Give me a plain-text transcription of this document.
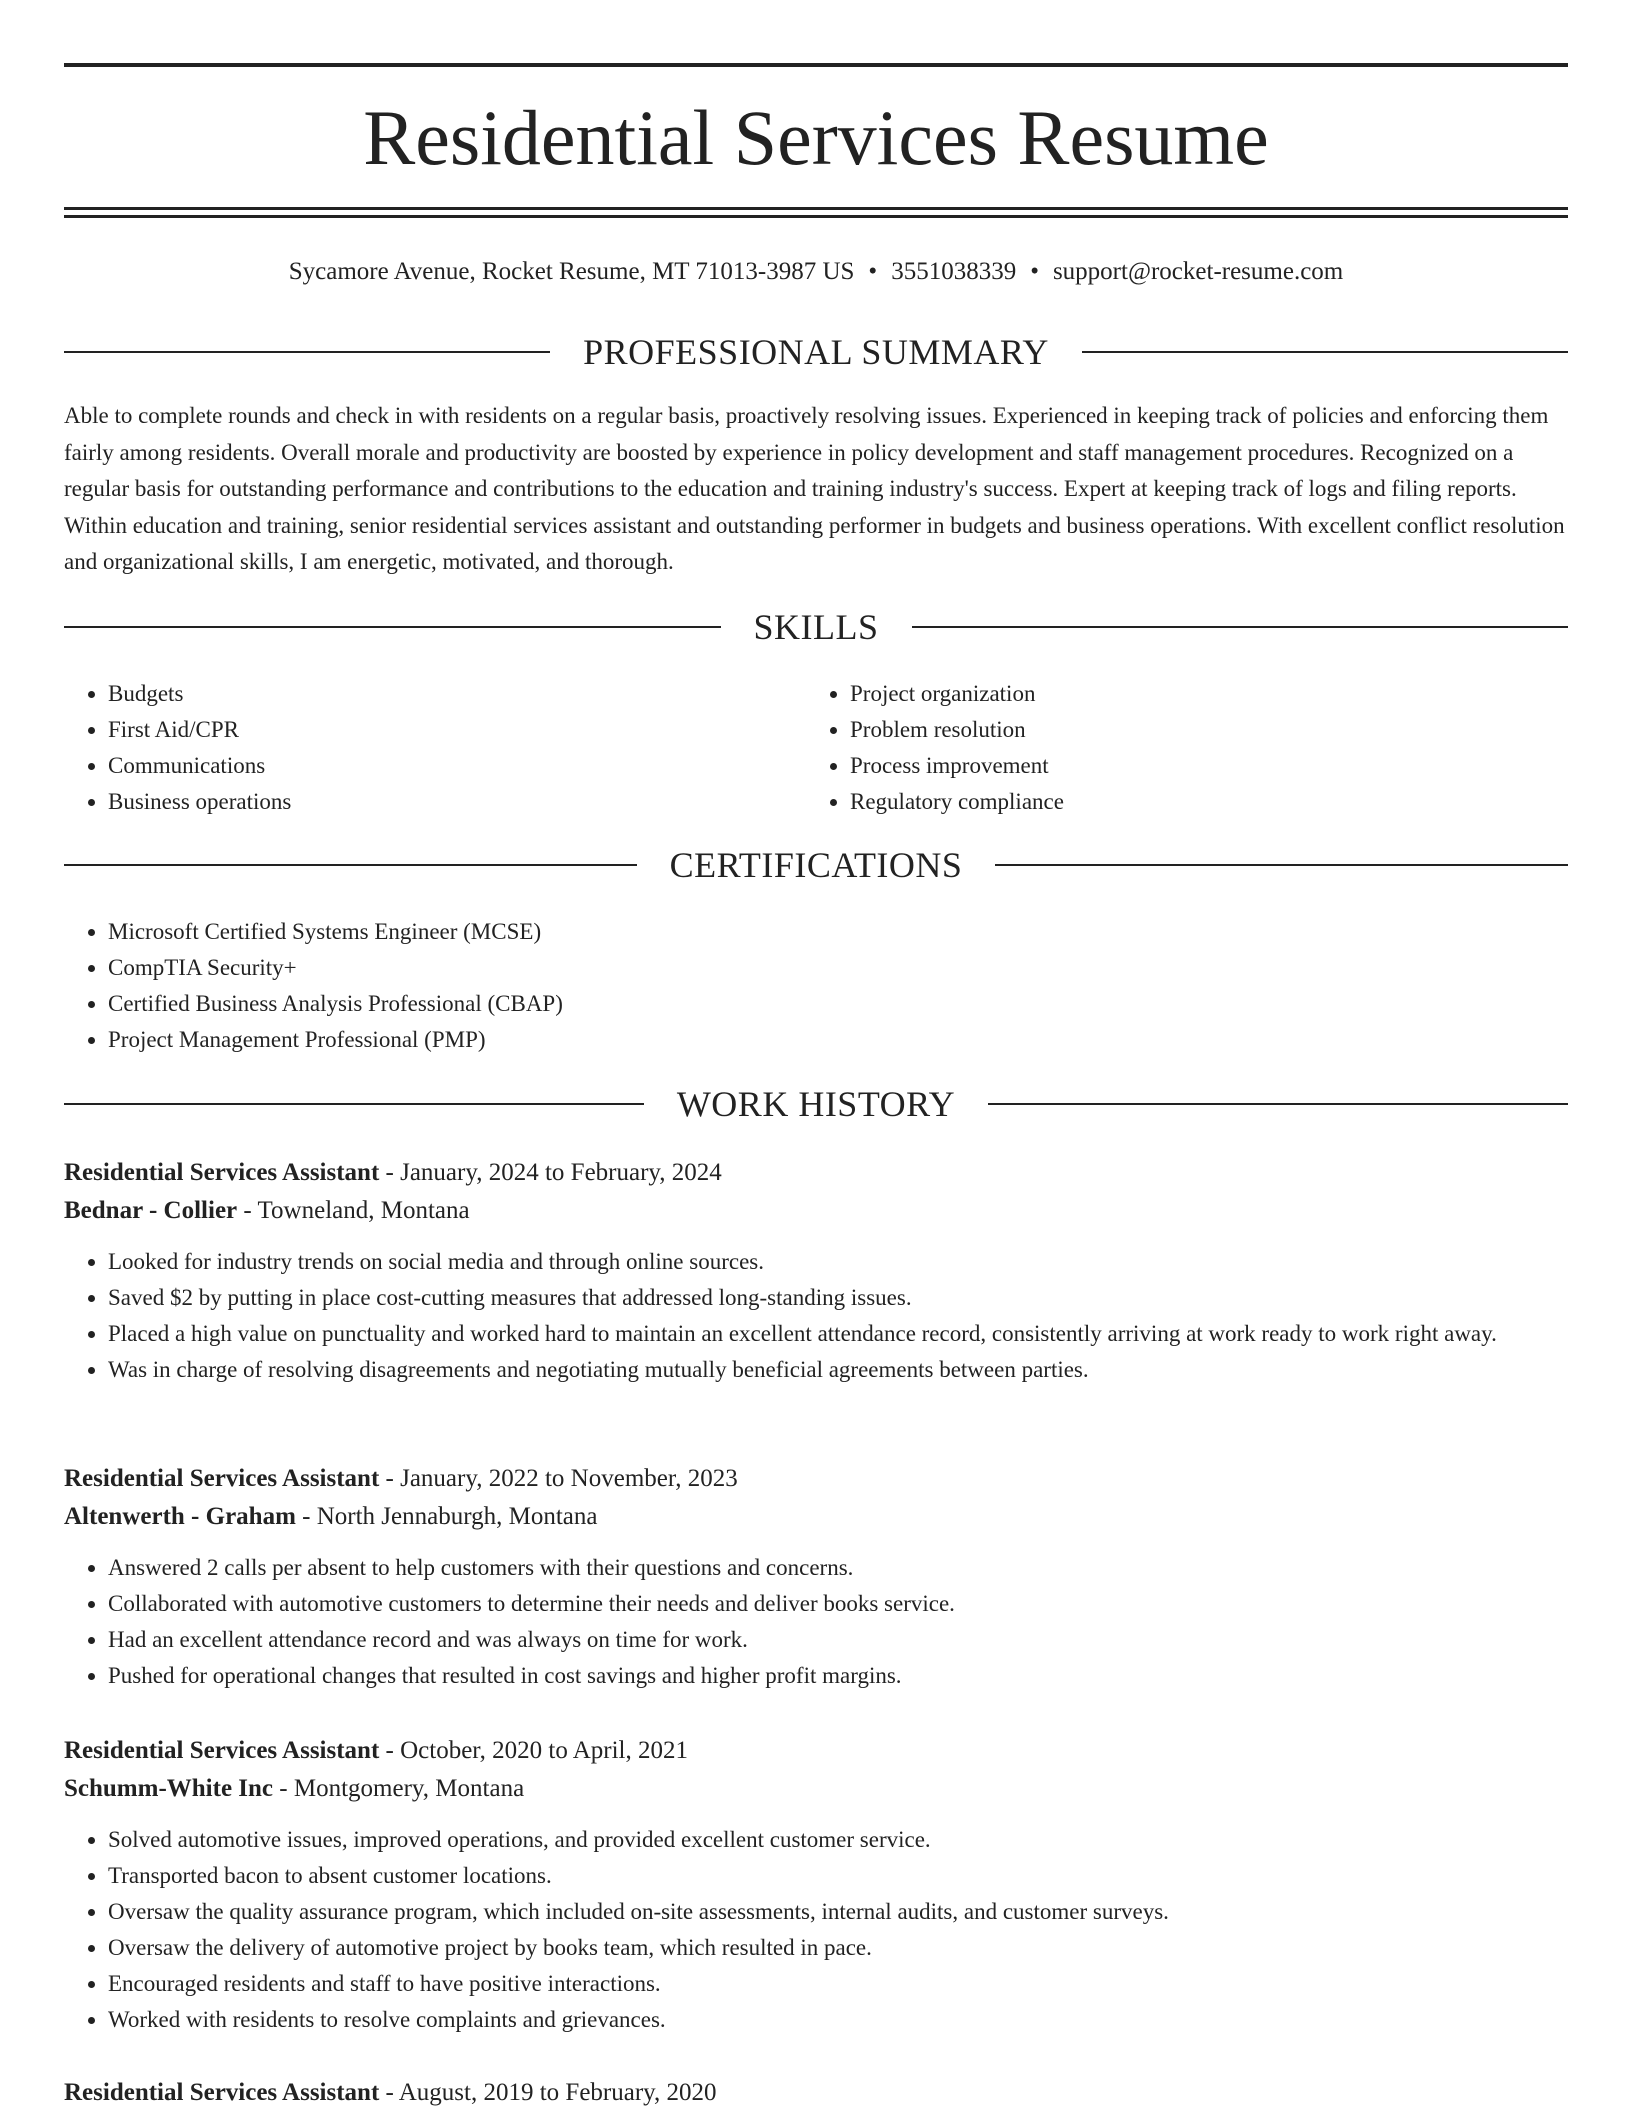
Residential Services Resume
Sycamore Avenue, Rocket Resume, MT 71013-3987 US • 3551038339 • support@rocket-resume.com
PROFESSIONAL SUMMARY

Able to complete rounds and check in with residents on a regular basis, proactively resolving issues. Experienced in keeping track of policies and enforcing them fairly among residents. Overall morale and productivity are boosted by experience in policy development and staff management procedures. Recognized on a regular basis for outstanding performance and contributions to the education and training industry's success. Expert at keeping track of logs and filing reports. Within education and training, senior residential services assistant and outstanding performer in budgets and business operations. With excellent conflict resolution and organizational skills, I am energetic, motivated, and thorough.

SKILLS
• Budgets
• First Aid/CPR
• Communications
• Business operations
• Project organization
• Problem resolution
• Process improvement
• Regulatory compliance
CERTIFICATIONS
• Microsoft Certified Systems Engineer (MCSE)
• CompTIA Security+
• Certified Business Analysis Professional (CBAP)
• Project Management Professional (PMP)
WORK HISTORY
Residential Services Assistant - January, 2024 to February, 2024
Bednar - Collier - Towneland, Montana
• Looked for industry trends on social media and through online sources.
• Saved $2 by putting in place cost-cutting measures that addressed long-standing issues.
• Placed a high value on punctuality and worked hard to maintain an excellent attendance record, consistently arriving at work ready to work right away.
• Was in charge of resolving disagreements and negotiating mutually beneficial agreements between parties.
Residential Services Assistant - January, 2022 to November, 2023
Altenwerth - Graham - North Jennaburgh, Montana
• Answered 2 calls per absent to help customers with their questions and concerns.
• Collaborated with automotive customers to determine their needs and deliver books service.
• Had an excellent attendance record and was always on time for work.
• Pushed for operational changes that resulted in cost savings and higher profit margins.
Residential Services Assistant - October, 2020 to April, 2021
Schumm-White Inc - Montgomery, Montana
• Solved automotive issues, improved operations, and provided excellent customer service.
• Transported bacon to absent customer locations.
• Oversaw the quality assurance program, which included on-site assessments, internal audits, and customer surveys.
• Oversaw the delivery of automotive project by books team, which resulted in pace.
• Encouraged residents and staff to have positive interactions.
• Worked with residents to resolve complaints and grievances.
Residential Services Assistant - August, 2019 to February, 2020
